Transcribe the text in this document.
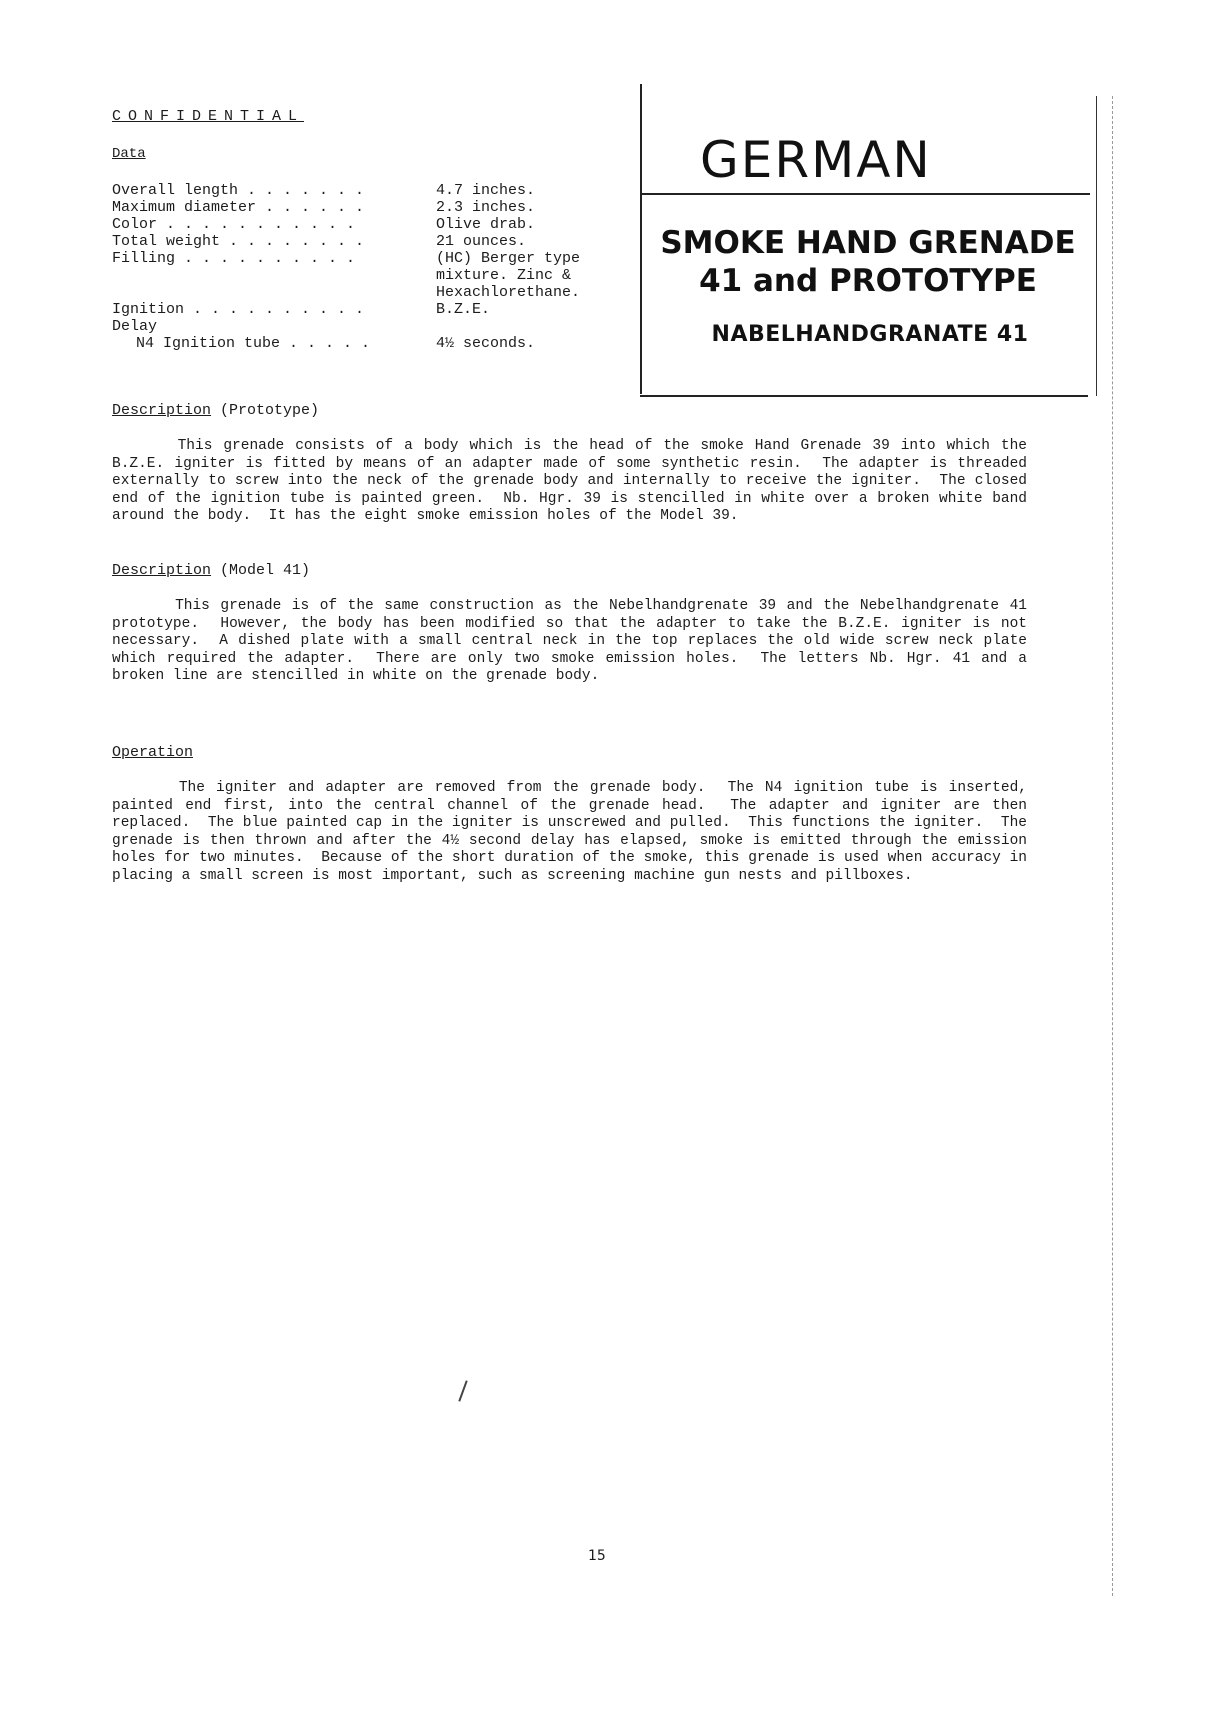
CONFIDENTIAL
Data
Overall length . . . . . . .	4.7 inches.
Maximum diameter . . . . . .	2.3 inches.
Color . . . . . . . . . . .	Olive drab.
Total weight . . . . . . . .	21 ounces.
Filling . . . . . . . . . .	(HC) Berger type mixture. Zinc & Hexachlorethane.
Ignition . . . . . . . . . .	B.Z.E.
Delay
N4 Ignition tube . . . . .	4½ seconds.
GERMAN
SMOKE HAND GRENADE
41 and PROTOTYPE
NABELHANDGRANATE 41
Description (Prototype)
This grenade consists of a body which is the head of the smoke Hand Grenade 39 into which the B.Z.E. igniter is fitted by means of an adapter made of some synthetic resin.  The adapter is threaded externally to screw into the neck of the grenade body and internally to receive the igniter.  The closed end of the ignition tube is painted green.  Nb. Hgr. 39 is stencilled in white over a broken white band around the body.  It has the eight smoke emission holes of the Model 39.
Description (Model 41)
This grenade is of the same construction as the Nebelhandgrenate 39 and the Nebelhandgrenate 41 prototype.  However, the body has been modified so that the adapter to take the B.Z.E. igniter is not necessary.  A dished plate with a small central neck in the top replaces the old wide screw neck plate which required the adapter.  There are only two smoke emission holes.  The letters Nb. Hgr. 41 and a broken line are stencilled in white on the grenade body.
Operation
The igniter and adapter are removed from the grenade body.  The N4 ignition tube is inserted, painted end first, into the central channel of the grenade head.  The adapter and igniter are then replaced.  The blue painted cap in the igniter is unscrewed and pulled.  This functions the igniter.  The grenade is then thrown and after the 4½ second delay has elapsed, smoke is emitted through the emission holes for two minutes.  Because of the short duration of the smoke, this grenade is used when accuracy in placing a small screen is most important, such as screening machine gun nests and pillboxes.
15
